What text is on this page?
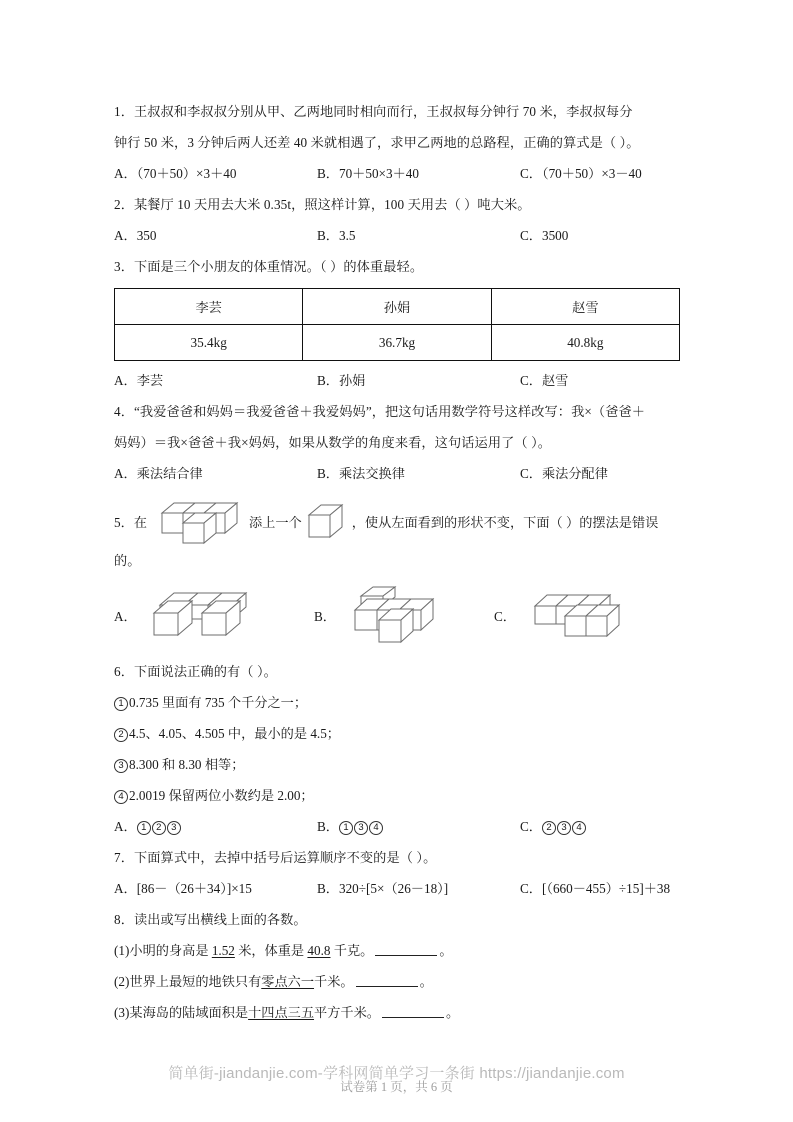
1．王叔叔和李叔叔分别从甲、乙两地同时相向而行，王叔叔每分钟行 70 米，李叔叔每分
钟行 50 米，3 分钟后两人还差 40 米就相遇了，求甲乙两地的总路程，正确的算式是（ ）。
A．（70＋50）×3＋40	B．70＋50×3＋40	C．（70＋50）×3－40
2．某餐厅 10 天用去大米 0.35t，照这样计算，100 天用去（ ）吨大米。
A．350	B．3.5	C．3500
3．下面是三个小朋友的体重情况。（ ）的体重最轻。
李芸	孙娟	赵雪
35.4kg	36.7kg	40.8kg
A．李芸	B．孙娟	C．赵雪
4．“我爱爸爸和妈妈＝我爱爸爸＋我爱妈妈”，把这句话用数学符号这样改写：我×（爸爸＋
妈妈）＝我×爸爸＋我×妈妈，如果从数学的角度来看，这句话运用了（ ）。
A．乘法结合律	B．乘法交换律	C．乘法分配律
5．在	添上一个	，使从左面看到的形状不变，下面（ ）的摆法是错误
的。
A．	B．	C．
6．下面说法正确的有（ ）。
1 0.735 里面有 735 个千分之一；
2 4.5、4.05、4.505 中，最小的是 4.5；
3 8.300 和 8.30 相等；
4 2.0019 保留两位小数约是 2.00；
A． 1 2 3	B． 1 3 4	C． 2 3 4
7．下面算式中，去掉中括号后运算顺序不变的是（ ）。
A．[86－（26＋34）]×15	B．320÷[5×（26－18）]	C．[（660－455）÷15]＋38
8．读出或写出横线上面的各数。
(1)小明的身高是 1.52 米，体重是 40.8 千克。	。
(2)世界上最短的地铁只有零点六一千米。	。
(3)某海岛的陆域面积是十四点三五平方千米。	。
简单街-jiandanjie.com-学科网简单学习一条街 https://jiandanjie.com
试卷第 1 页，共 6 页
